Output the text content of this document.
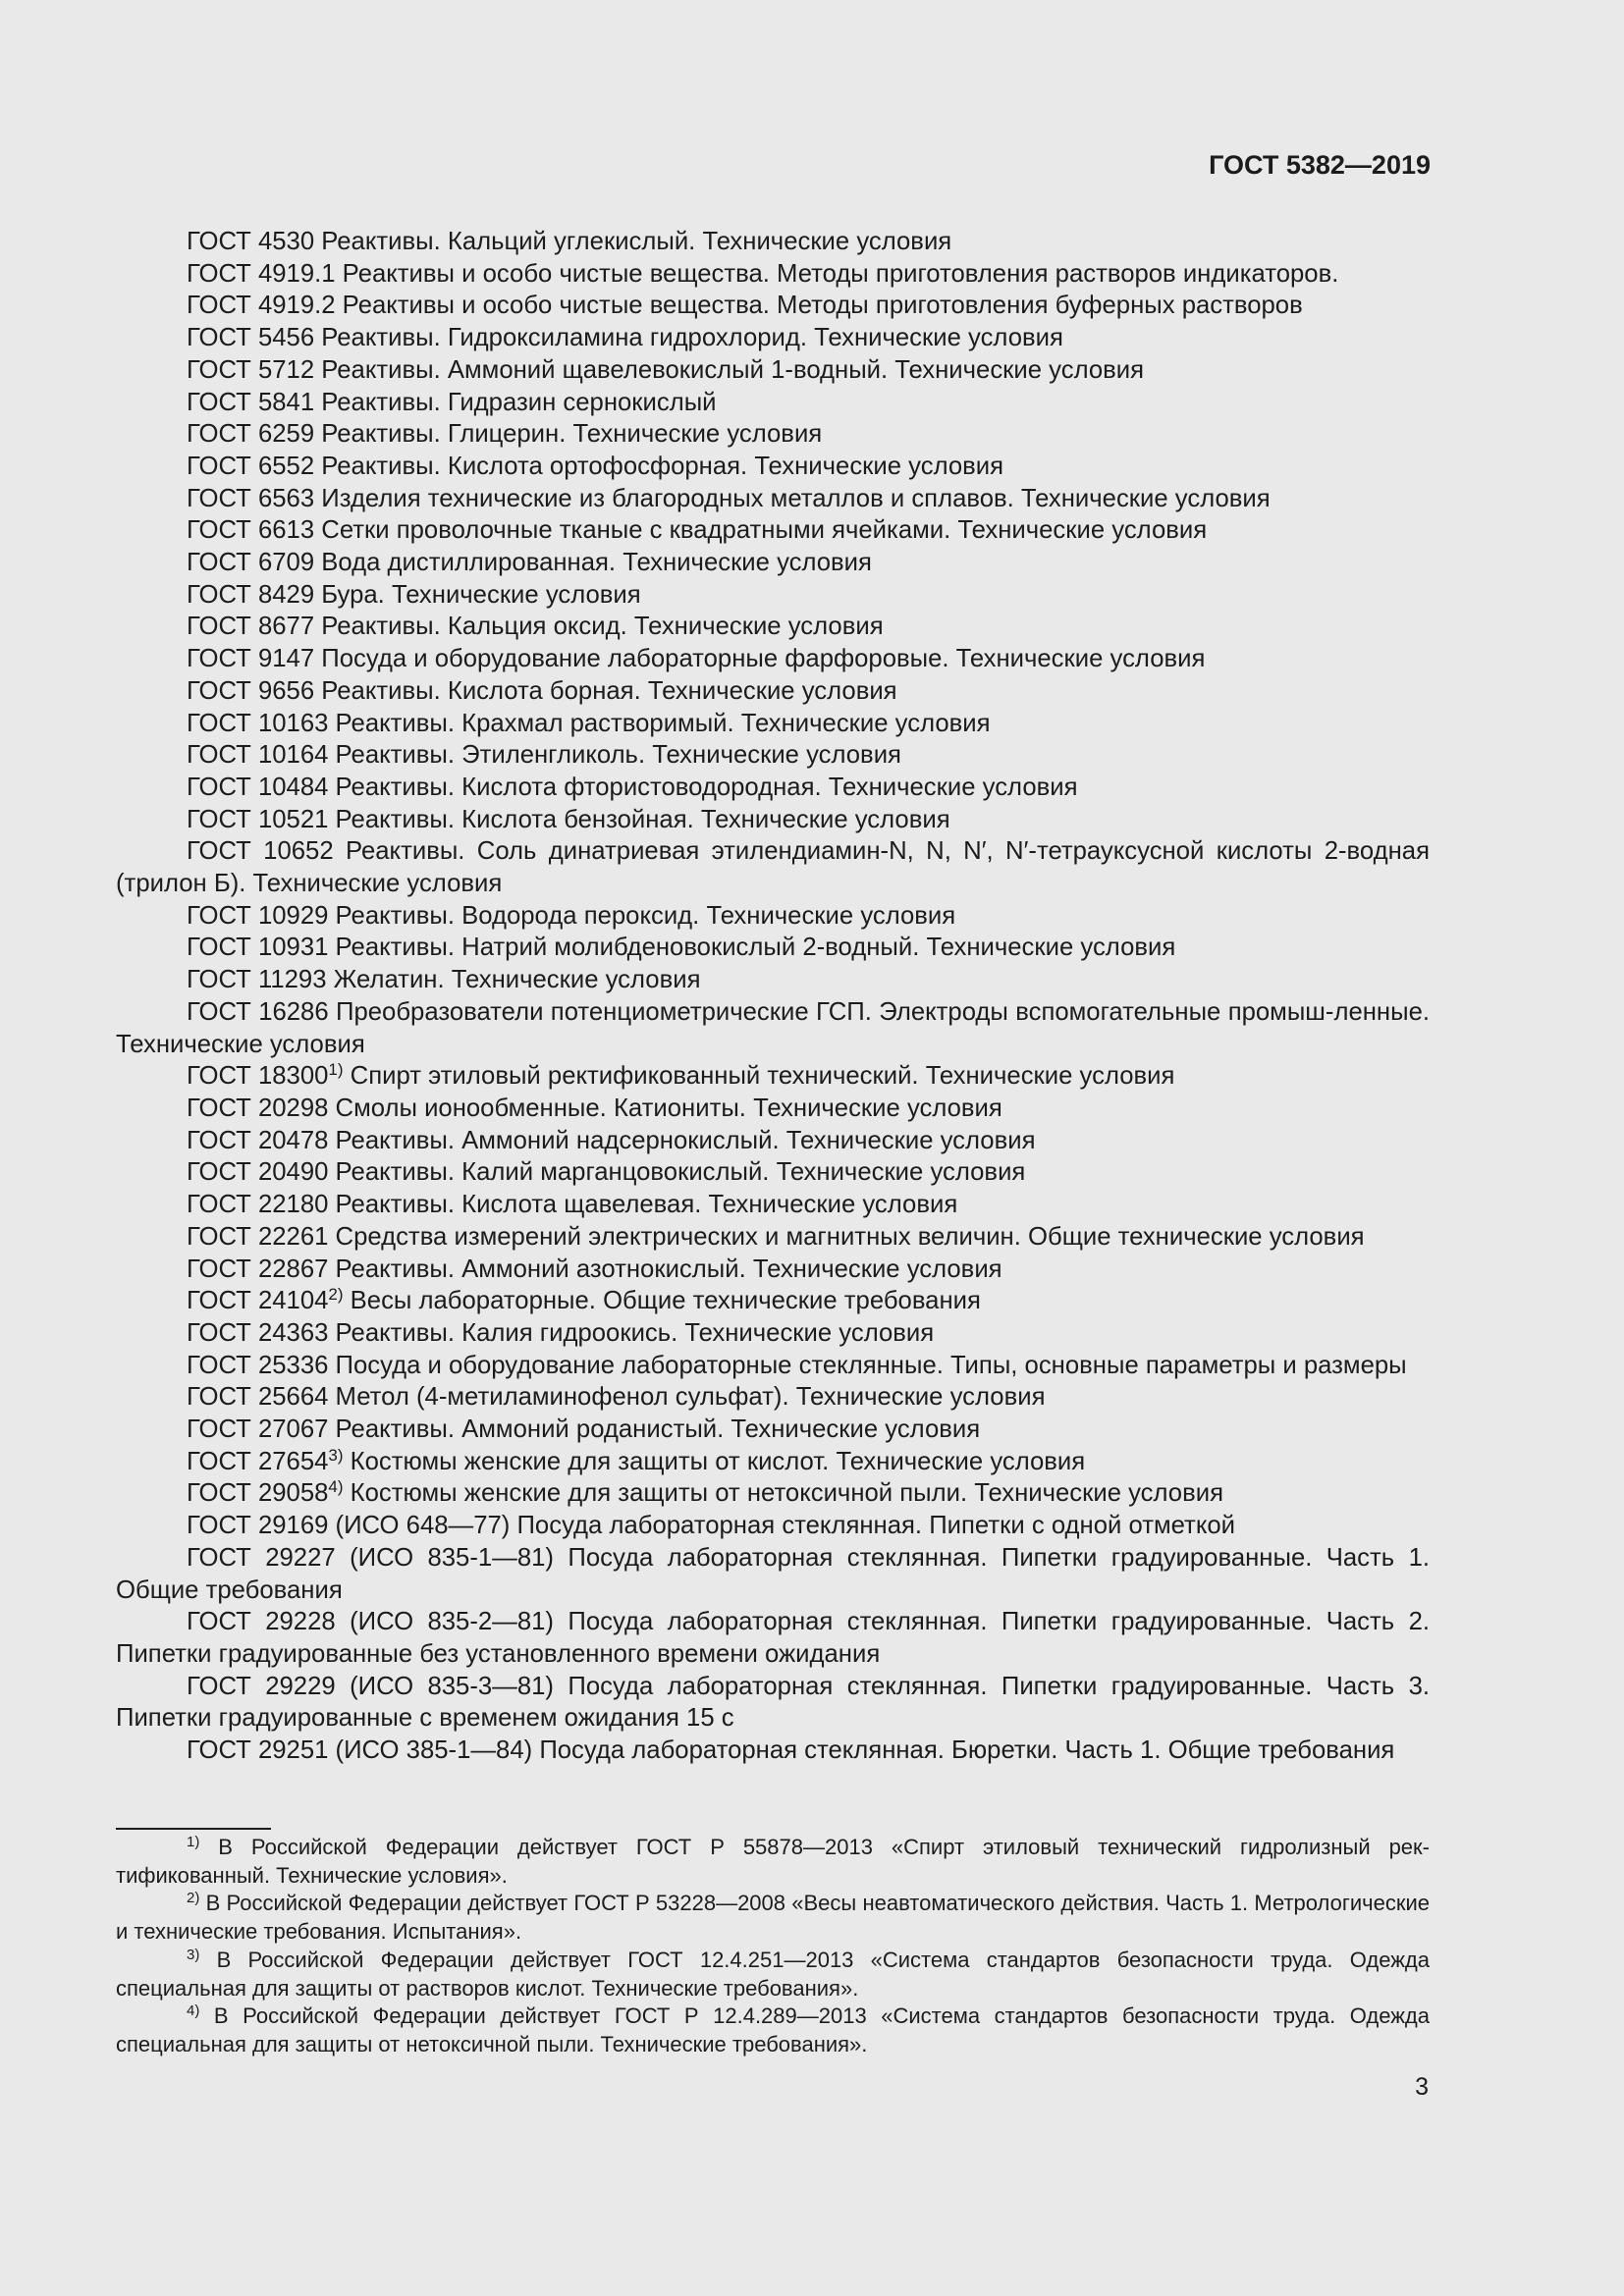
ГОСТ 5382—2019
ГОСТ 4530 Реактивы. Кальций углекислый. Технические условия
ГОСТ 4919.1 Реактивы и особо чистые вещества. Методы приготовления растворов индикаторов.
ГОСТ 4919.2 Реактивы и особо чистые вещества. Методы приготовления буферных растворов
ГОСТ 5456 Реактивы. Гидроксиламина гидрохлорид. Технические условия
ГОСТ 5712 Реактивы. Аммоний щавелевокислый 1-водный. Технические условия
ГОСТ 5841 Реактивы. Гидразин сернокислый
ГОСТ 6259 Реактивы. Глицерин. Технические условия
ГОСТ 6552 Реактивы. Кислота ортофосфорная. Технические условия
ГОСТ 6563 Изделия технические из благородных металлов и сплавов. Технические условия
ГОСТ 6613 Сетки проволочные тканые с квадратными ячейками. Технические условия
ГОСТ 6709 Вода дистиллированная. Технические условия
ГОСТ 8429 Бура. Технические условия
ГОСТ 8677 Реактивы. Кальция оксид. Технические условия
ГОСТ 9147 Посуда и оборудование лабораторные фарфоровые. Технические условия
ГОСТ 9656 Реактивы. Кислота борная. Технические условия
ГОСТ 10163 Реактивы. Крахмал растворимый. Технические условия
ГОСТ 10164 Реактивы. Этиленгликоль. Технические условия
ГОСТ 10484 Реактивы. Кислота фтористоводородная. Технические условия
ГОСТ 10521 Реактивы. Кислота бензойная. Технические условия
ГОСТ 10652 Реактивы. Соль динатриевая этилендиамин-N, N, N′, N′-тетрауксусной кислоты 2-водная (трилон Б). Технические условия
ГОСТ 10929 Реактивы. Водорода пероксид. Технические условия
ГОСТ 10931 Реактивы. Натрий молибденовокислый 2-водный. Технические условия
ГОСТ 11293 Желатин. Технические условия
ГОСТ 16286 Преобразователи потенциометрические ГСП. Электроды вспомогательные промыш-ленные. Технические условия
ГОСТ 18300$^{1)}$ Спирт этиловый ректификованный технический. Технические условия
ГОСТ 20298 Смолы ионообменные. Катиониты. Технические условия
ГОСТ 20478 Реактивы. Аммоний надсернокислый. Технические условия
ГОСТ 20490 Реактивы. Калий марганцовокислый. Технические условия
ГОСТ 22180 Реактивы. Кислота щавелевая. Технические условия
ГОСТ 22261 Средства измерений электрических и магнитных величин. Общие технические условия
ГОСТ 22867 Реактивы. Аммоний азотнокислый. Технические условия
ГОСТ 24104$^{2)}$ Весы лабораторные. Общие технические требования
ГОСТ 24363 Реактивы. Калия гидроокись. Технические условия
ГОСТ 25336 Посуда и оборудование лабораторные стеклянные. Типы, основные параметры и размеры
ГОСТ 25664 Метол (4-метиламинофенол сульфат). Технические условия
ГОСТ 27067 Реактивы. Аммоний роданистый. Технические условия
ГОСТ 27654$^{3)}$ Костюмы женские для защиты от кислот. Технические условия
ГОСТ 29058$^{4)}$ Костюмы женские для защиты от нетоксичной пыли. Технические условия
ГОСТ 29169 (ИСО 648—77) Посуда лабораторная стеклянная. Пипетки с одной отметкой
ГОСТ 29227 (ИСО 835-1—81) Посуда лабораторная стеклянная. Пипетки градуированные. Часть 1. Общие требования
ГОСТ 29228 (ИСО 835-2—81) Посуда лабораторная стеклянная. Пипетки градуированные. Часть 2. Пипетки градуированные без установленного времени ожидания
ГОСТ 29229 (ИСО 835-3—81) Посуда лабораторная стеклянная. Пипетки градуированные. Часть 3. Пипетки градуированные с временем ожидания 15 с
ГОСТ 29251 (ИСО 385-1—84) Посуда лабораторная стеклянная. Бюретки. Часть 1. Общие требования
$^{1)}$ В Российской Федерации действует ГОСТ Р 55878—2013 «Спирт этиловый технический гидролизный рек-тификованный. Технические условия».
$^{2)}$ В Российской Федерации действует ГОСТ Р 53228—2008 «Весы неавтоматического действия. Часть 1. Метрологические и технические требования. Испытания».
$^{3)}$ В Российской Федерации действует ГОСТ 12.4.251—2013 «Система стандартов безопасности труда. Одежда специальная для защиты от растворов кислот. Технические требования».
$^{4)}$ В Российской Федерации действует ГОСТ Р 12.4.289—2013 «Система стандартов безопасности труда. Одежда специальная для защиты от нетоксичной пыли. Технические требования».
3
